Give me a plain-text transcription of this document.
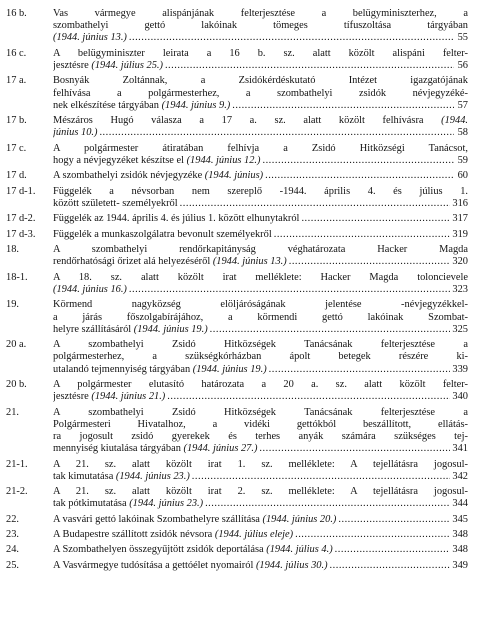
16 b.	Vas vármegye alispánjának felterjesztése a belügyminiszterhez, a
szombathelyi gettó lakóinak tömeges tífuszoltása tárgyában
(1944. június 13.) .....	55
16 c.	A belügyminiszter leirata a 16 b. sz. alatt közölt alispáni felter-
jesztésre (1944. július 25.) .....	56
17 a.	Bosnyák Zoltánnak, a Zsidókérdéskutató Intézet igazgatójának
felhívása a polgármesterhez, a szombathelyi zsidók névjegyzéké-
nek elkészítése tárgyában (1944. június 9.) .....	57
17 b.	Mészáros Hugó válasza a 17 a. sz. alatt közölt felhívásra (1944.
június 10.) .....	58
17 c.	A polgármester átiratában felhívja a Zsidó Hitközségi Tanácsot,
hogy a névjegyzéket készítse el (1944. június 12.) .....	59
17 d.	A szombathelyi zsidók névjegyzéke (1944. június) .....	60
17 d-1.	Függelék a névsorban nem szereplő -1944. április 4. és július 1.
között született- személyekről .....	316
17 d-2.	Függelék az 1944. április 4. és július 1. között elhunytakról .....	317
17 d-3.	Függelék a munkaszolgálatra bevonult személyekről .....	319
18.	A szombathelyi rendőrkapitányság véghatározata Hacker Magda
rendőrhatósági őrizet alá helyezéséről (1944. június 13.) .....	320
18-1.	A 18. sz. alatt közölt irat melléklete: Hacker Magda toloncievele
(1944. június 16.) .....	323
19.	Körmend nagyközség elöljáróságának jelentése -névjegyzékkel-
a járás főszolgabírájához, a körmendi gettó lakóinak Szombat-
helyre szállításáról (1944. június 19.) .....	325
20 a.	A szombathelyi Zsidó Hitközségek Tanácsának felterjesztése a
polgármesterhez, a szükségkórházban ápolt betegek részére ki-
utalandó tejmennyiség tárgyában (1944. június 19.) .....	339
20 b.	A polgármester elutasító határozata a 20 a. sz. alatt közölt felter-
jesztésre (1944. június 21.) .....	340
21.	A szombathelyi Zsidó Hitközségek Tanácsának felterjesztése a
Polgármesteri Hivatalhoz, a vidéki gettókból beszállított, ellátás-
ra jogosult zsidó gyerekek és terhes anyák számára szükséges tej-
mennyiség kiutalása tárgyában (1944. június 27.) .....	341
21-1.	A 21. sz. alatt közölt irat 1. sz. melléklete: A tejellátásra jogosul-
tak kimutatása (1944. június 23.) .....	342
21-2.	A 21. sz. alatt közölt irat 2. sz. melléklete: A tejellátásra jogosul-
tak pótkimutatása (1944. június 23.) .....	344
22.	A vasvári gettó lakóinak Szombathelyre szállítása (1944. június 20.) .....	345
23.	A Budapestre szállított zsidók névsora (1944. július eleje) .....	348
24.	A Szombathelyen összegyűjtött zsidók deportálása (1944. július 4.) .....	348
25.	A Vasvármegye tudósítása a gettóélet nyomairól (1944. július 30.) .....	349
